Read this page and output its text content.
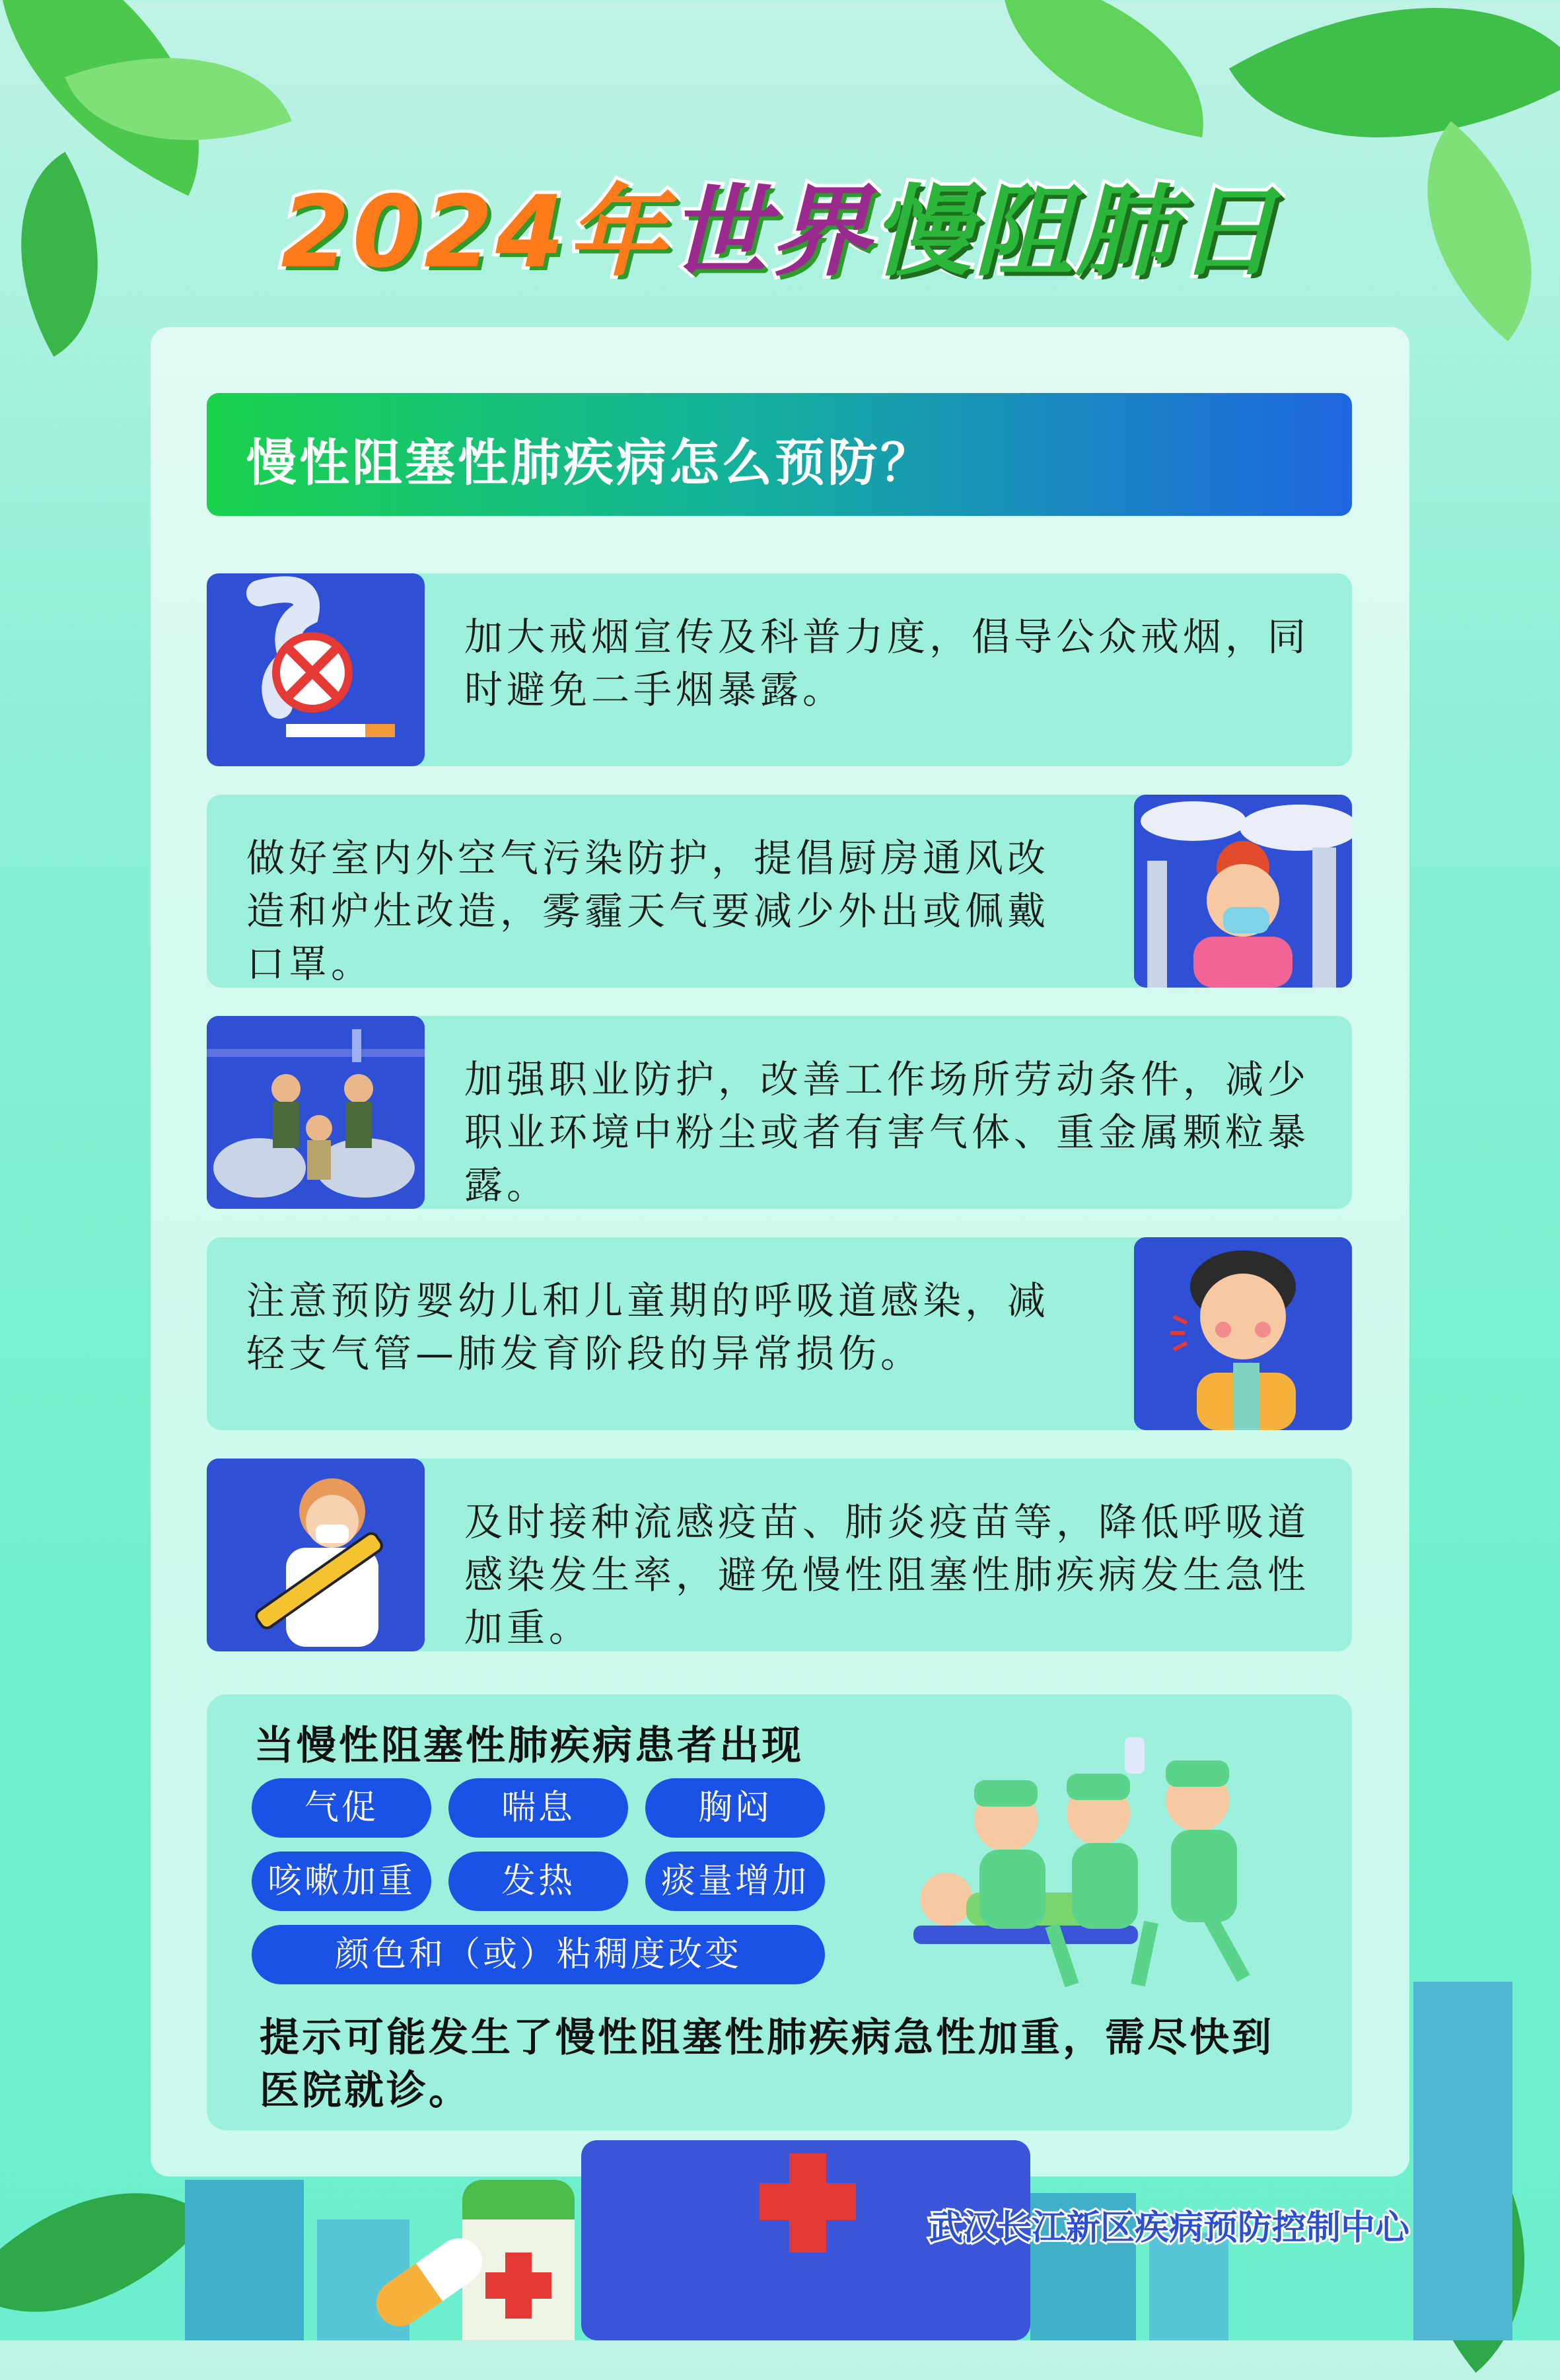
2024年世界慢阻肺日
慢性阻塞性肺疾病怎么预防？
加大戒烟宣传及科普力度，倡导公众戒烟，同时避免二手烟暴露。
做好室内外空气污染防护，提倡厨房通风改造和炉灶改造，雾霾天气要减少外出或佩戴口罩。
加强职业防护，改善工作场所劳动条件，减少职业环境中粉尘或者有害气体、重金属颗粒暴露。
注意预防婴幼儿和儿童期的呼吸道感染，减轻支气管—肺发育阶段的异常损伤。
及时接种流感疫苗、肺炎疫苗等，降低呼吸道感染发生率，避免慢性阻塞性肺疾病发生急性加重。
当慢性阻塞性肺疾病患者出现
气促	喘息	胸闷
咳嗽加重	发热	痰量增加
颜色和（或）粘稠度改变
提示可能发生了慢性阻塞性肺疾病急性加重，需尽快到医院就诊。
武汉长江新区疾病预防控制中心
